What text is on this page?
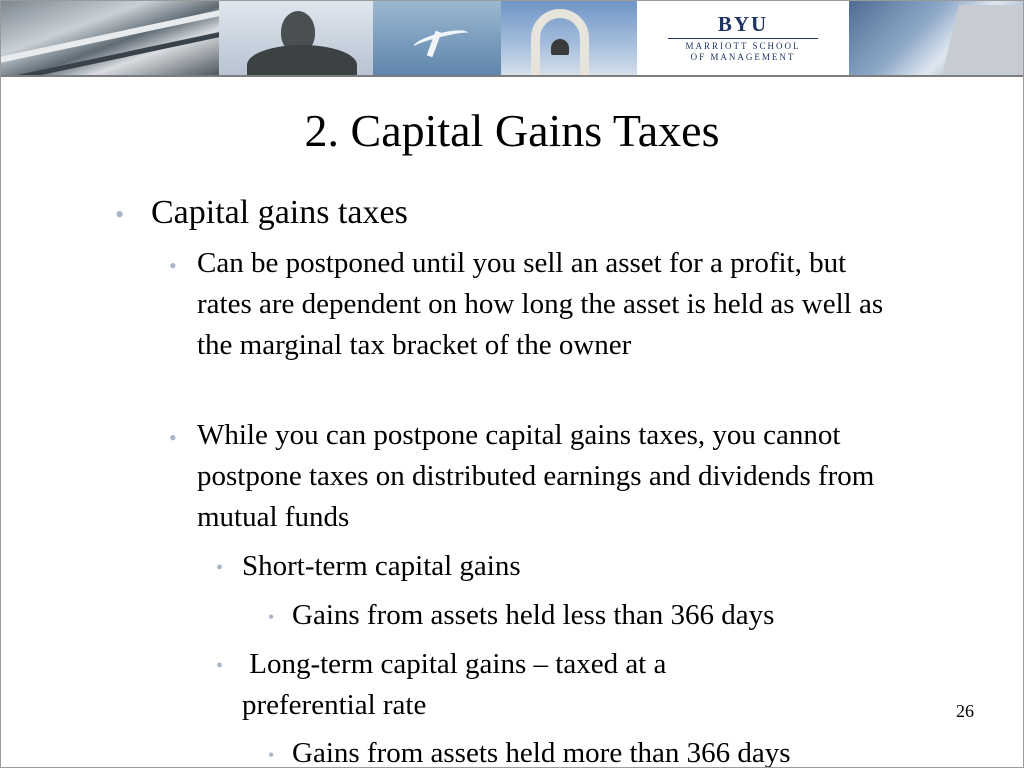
BYU
MARRIOTT SCHOOL
OF MANAGEMENT
2. Capital Gains Taxes
• Capital gains taxes
• Can be postponed until you sell an asset for a profit, but rates are dependent on how long the asset is held as well as the marginal tax bracket of the owner
• While you can postpone capital gains taxes, you cannot postpone taxes on distributed earnings and dividends from mutual funds
• Short-term capital gains
• Gains from assets held less than 366 days
• Long-term capital gains – taxed at a preferential rate
• Gains from assets held more than 366 days
26
